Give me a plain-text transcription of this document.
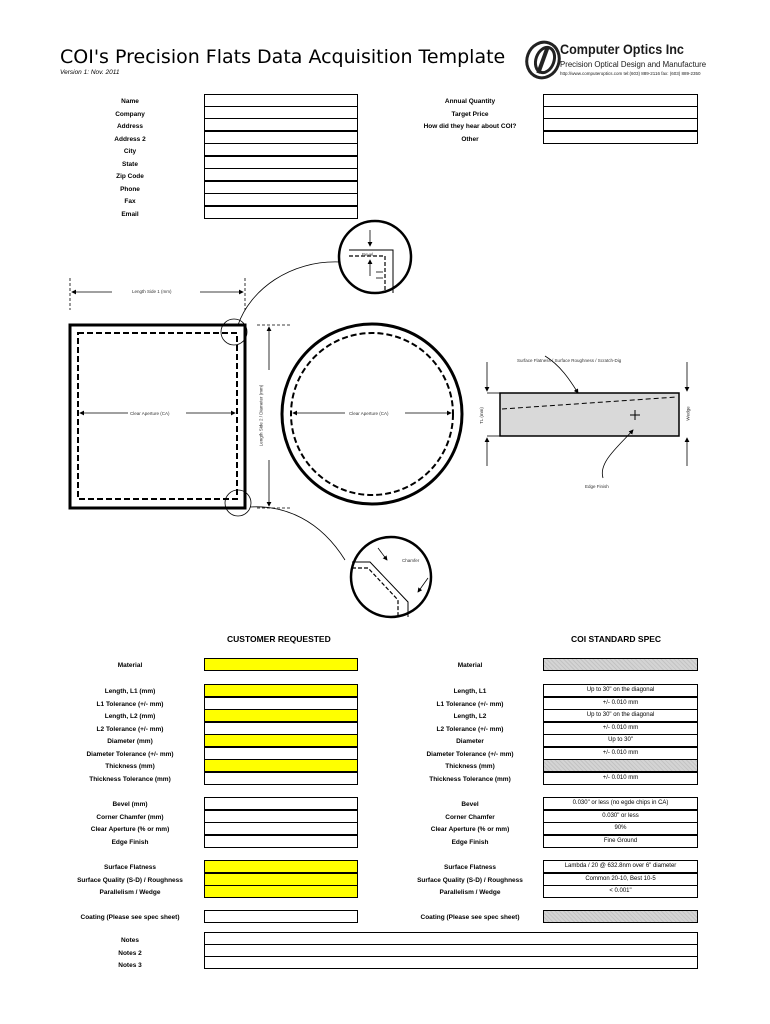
COI's Precision Flats Data Acquisition Template
Version 1: Nov. 2011
Computer Optics Inc
Precision Optical Design and Manufacture
http://www.computeroptics.com tel:(603) 889-2116 fax: (603) 889-2350
Name
Company
Address
Address 2
City
State
Zip Code
Phone
Fax
Email
Annual Quantity
Target Price
How did they hear about COI?
Other
Bevel
Length Side 1 (mm)
Clear Aperture (CA)	Clear Aperture (CA)
Surface Flatness / Surface Roughness / Scratch-Dig
Length Side 2 / Diameter (mm)	TL (mm)	Wedge
Edge Finish
Chamfer
CUSTOMER REQUESTED	COI STANDARD SPEC
Material	Material
Length, L1 (mm)	Length, L1	Up to 30" on the diagonal
L1 Tolerance (+/- mm)	L1 Tolerance (+/- mm)	+/- 0.010 mm
Length, L2 (mm)	Length, L2	Up to 30" on the diagonal
L2 Tolerance (+/- mm)	L2 Tolerance (+/- mm)	+/- 0.010 mm
Diameter (mm)	Diameter	Up to 30"
Diameter Tolerance (+/- mm)	Diameter Tolerance (+/- mm)	+/- 0.010 mm
Thickness (mm)	Thickness (mm)
Thickness Tolerance (mm)	Thickness Tolerance (mm)	+/- 0.010 mm
Bevel (mm)	Bevel	0.030" or less (no egde chips in CA)
Corner Chamfer (mm)	Corner Chamfer	0.030" or less
Clear Aperture (% or mm)	Clear Aperture (% or mm)	90%
Edge Finish	Edge Finish	Fine Ground
Surface Flatness	Surface Flatness	Lambda / 20 @ 632.8nm over 6" diameter
Surface Quality (S-D) / Roughness	Surface Quality (S-D) / Roughness	Common 20-10, Best 10-5
Parallelism / Wedge	Parallelism / Wedge	< 0.001"
Coating (Please see spec sheet)	Coating (Please see spec sheet)
Notes
Notes 2
Notes 3
